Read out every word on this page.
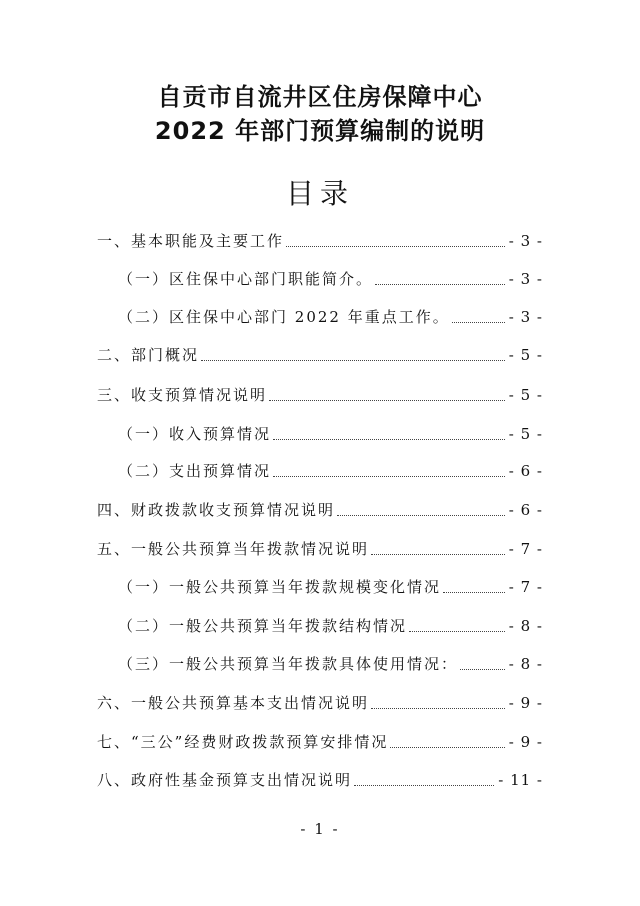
自贡市自流井区住房保障中心
2022 年部门预算编制的说明
目录
一、基本职能及主要工作	- 3 -
（一）区住保中心部门职能简介。	- 3 -
（二）区住保中心部门 2022 年重点工作。	- 3 -
二、部门概况	- 5 -
三、收支预算情况说明	- 5 -
（一）收入预算情况	- 5 -
（二）支出预算情况	- 6 -
四、财政拨款收支预算情况说明	- 6 -
五、一般公共预算当年拨款情况说明	- 7 -
（一）一般公共预算当年拨款规模变化情况	- 7 -
（二）一般公共预算当年拨款结构情况	- 8 -
（三）一般公共预算当年拨款具体使用情况：	- 8 -
六、一般公共预算基本支出情况说明	- 9 -
七、“三公”经费财政拨款预算安排情况	- 9 -
八、政府性基金预算支出情况说明	- 11 -
- 1 -
